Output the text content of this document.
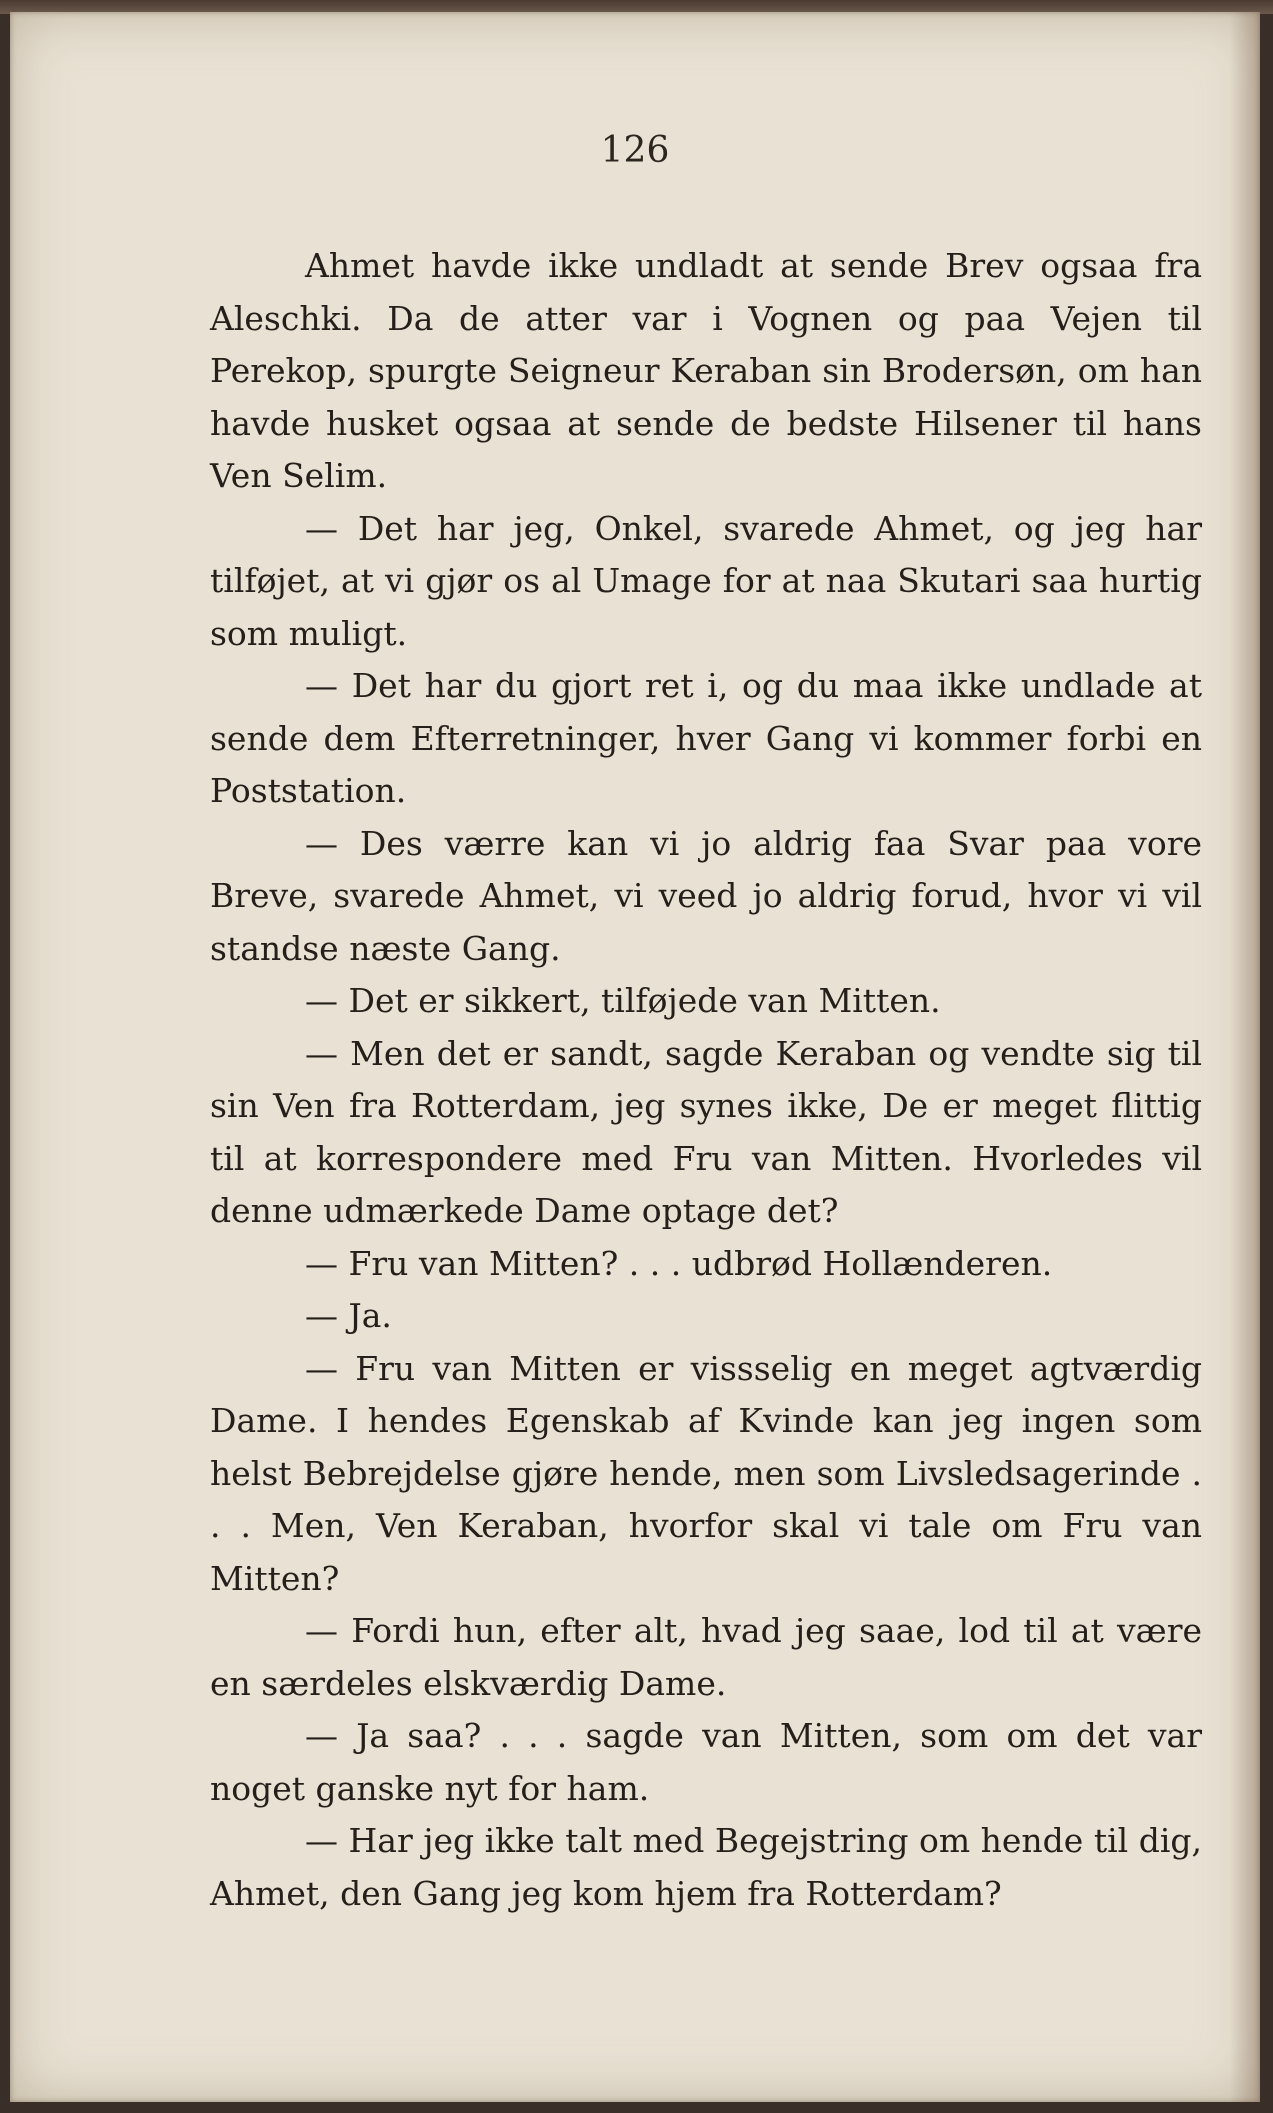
126

Ahmet havde ikke undladt at sende Brev ogsaa fra Aleschki. Da de atter var i Vognen og paa Vejen til Perekop, spurgte Seigneur Keraban sin Brodersøn, om han havde husket ogsaa at sende de bedste Hilsener til hans Ven Selim.

— Det har jeg, Onkel, svarede Ahmet, og jeg har tilføjet, at vi gjør os al Umage for at naa Skutari saa hurtig som muligt.

— Det har du gjort ret i, og du maa ikke undlade at sende dem Efterretninger, hver Gang vi kommer forbi en Poststation.

— Des værre kan vi jo aldrig faa Svar paa vore Breve, svarede Ahmet, vi veed jo aldrig forud, hvor vi vil standse næste Gang.

— Det er sikkert, tilføjede van Mitten.

— Men det er sandt, sagde Keraban og vendte sig til sin Ven fra Rotterdam, jeg synes ikke, De er meget flittig til at korrespondere med Fru van Mitten. Hvorledes vil denne udmærkede Dame optage det?

— Fru van Mitten? . . . udbrød Hollænderen.

— Ja.

— Fru van Mitten er vissselig en meget agtværdig Dame. I hendes Egenskab af Kvinde kan jeg ingen som helst Bebrejdelse gjøre hende, men som Livsledsagerinde . . . Men, Ven Keraban, hvorfor skal vi tale om Fru van Mitten?

— Fordi hun, efter alt, hvad jeg saae, lod til at være en særdeles elskværdig Dame.

— Ja saa? . . . sagde van Mitten, som om det var noget ganske nyt for ham.

— Har jeg ikke talt med Begejstring om hende til dig, Ahmet, den Gang jeg kom hjem fra Rotterdam?
